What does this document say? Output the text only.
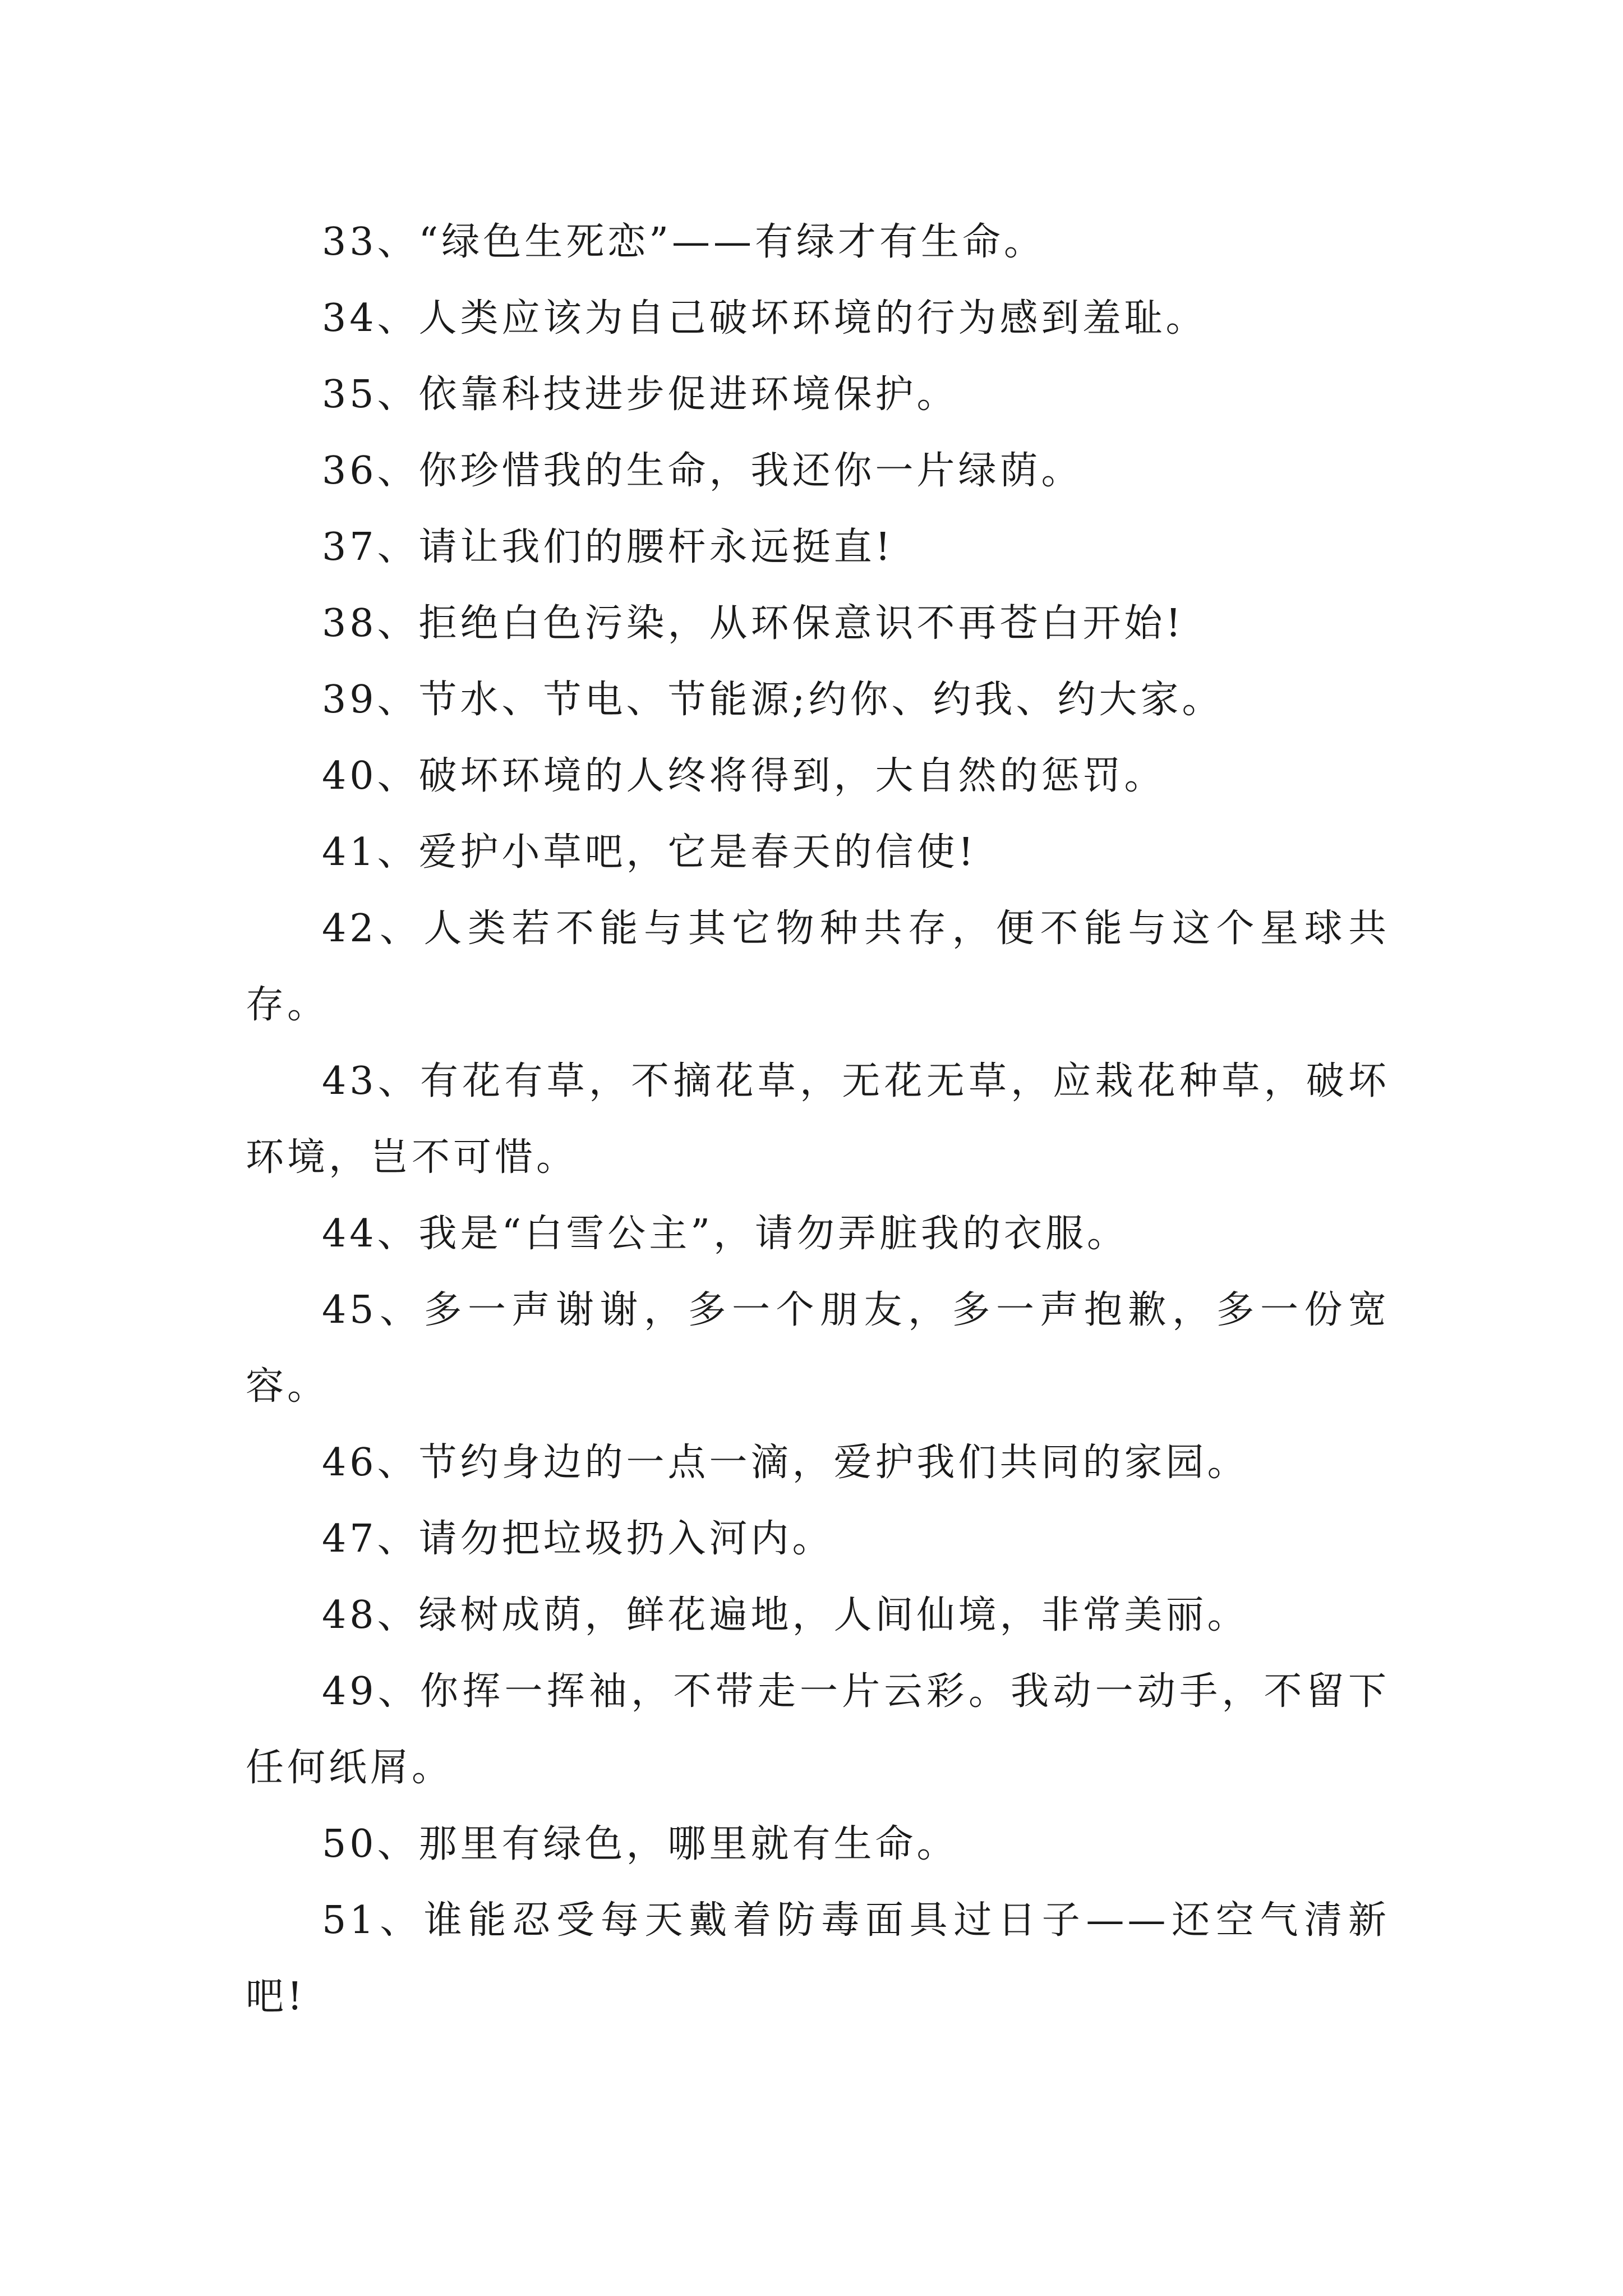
33、“绿色生死恋”——有绿才有生命。

34、人类应该为自己破坏环境的行为感到羞耻。

35、依靠科技进步促进环境保护。

36、你珍惜我的生命，我还你一片绿荫。

37、请让我们的腰杆永远挺直!

38、拒绝白色污染，从环保意识不再苍白开始!

39、节水、节电、节能源;约你、约我、约大家。

40、破坏环境的人终将得到，大自然的惩罚。

41、爱护小草吧，它是春天的信使!

42、人类若不能与其它物种共存，便不能与这个星球共存。

43、有花有草，不摘花草，无花无草，应栽花种草，破坏环境，岂不可惜。

44、我是“白雪公主”，请勿弄脏我的衣服。

45、多一声谢谢，多一个朋友，多一声抱歉，多一份宽容。

46、节约身边的一点一滴，爱护我们共同的家园。

47、请勿把垃圾扔入河内。

48、绿树成荫，鲜花遍地，人间仙境，非常美丽。

49、你挥一挥袖，不带走一片云彩。我动一动手，不留下任何纸屑。

50、那里有绿色，哪里就有生命。

51、谁能忍受每天戴着防毒面具过日子——还空气清新吧!
